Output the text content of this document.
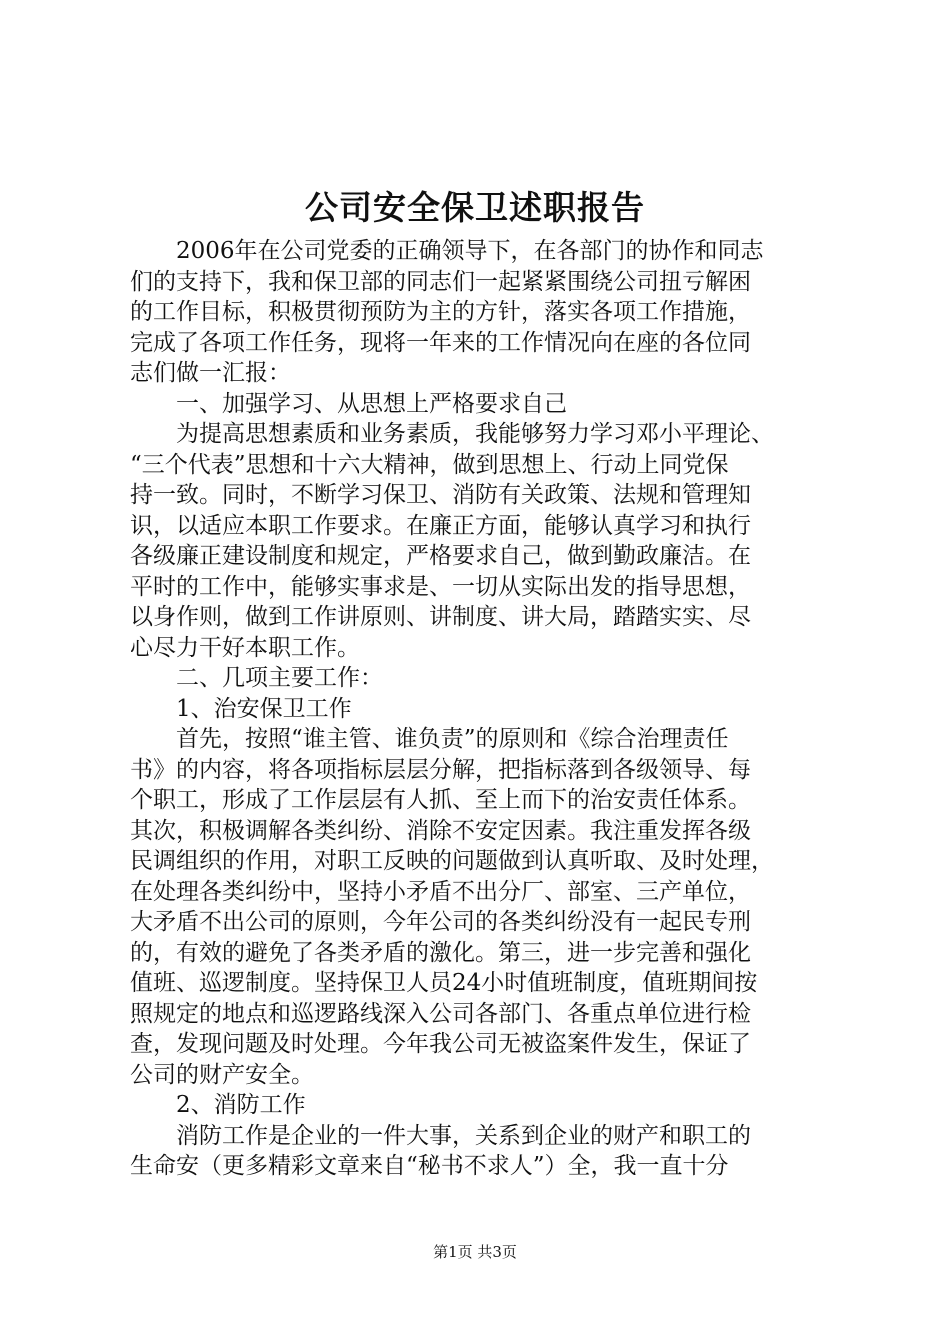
公司安全保卫述职报告
2006年在公司党委的正确领导下，在各部门的协作和同志
们的支持下，我和保卫部的同志们一起紧紧围绕公司扭亏解困
的工作目标，积极贯彻预防为主的方针，落实各项工作措施，
完成了各项工作任务，现将一年来的工作情况向在座的各位同
志们做一汇报：
一、加强学习、从思想上严格要求自己
为提高思想素质和业务素质，我能够努力学习邓小平理论、
“三个代表”思想和十六大精神，做到思想上、行动上同党保
持一致。同时，不断学习保卫、消防有关政策、法规和管理知
识，以适应本职工作要求。在廉正方面，能够认真学习和执行
各级廉正建设制度和规定，严格要求自己，做到勤政廉洁。在
平时的工作中，能够实事求是、一切从实际出发的指导思想，
以身作则，做到工作讲原则、讲制度、讲大局，踏踏实实、尽
心尽力干好本职工作。
二、几项主要工作：
1、治安保卫工作
首先，按照“谁主管、谁负责”的原则和《综合治理责任
书》的内容，将各项指标层层分解，把指标落到各级领导、每
个职工，形成了工作层层有人抓、至上而下的治安责任体系。
其次，积极调解各类纠纷、消除不安定因素。我注重发挥各级
民调组织的作用，对职工反映的问题做到认真听取、及时处理，
在处理各类纠纷中，坚持小矛盾不出分厂、部室、三产单位，
大矛盾不出公司的原则，今年公司的各类纠纷没有一起民专刑
的，有效的避免了各类矛盾的激化。第三，进一步完善和强化
值班、巡逻制度。坚持保卫人员24小时值班制度，值班期间按
照规定的地点和巡逻路线深入公司各部门、各重点单位进行检
查，发现问题及时处理。今年我公司无被盗案件发生，保证了
公司的财产安全。
2、消防工作
消防工作是企业的一件大事，关系到企业的财产和职工的
生命安（更多精彩文章来自“秘书不求人”）全，我一直十分
第1页 共3页
